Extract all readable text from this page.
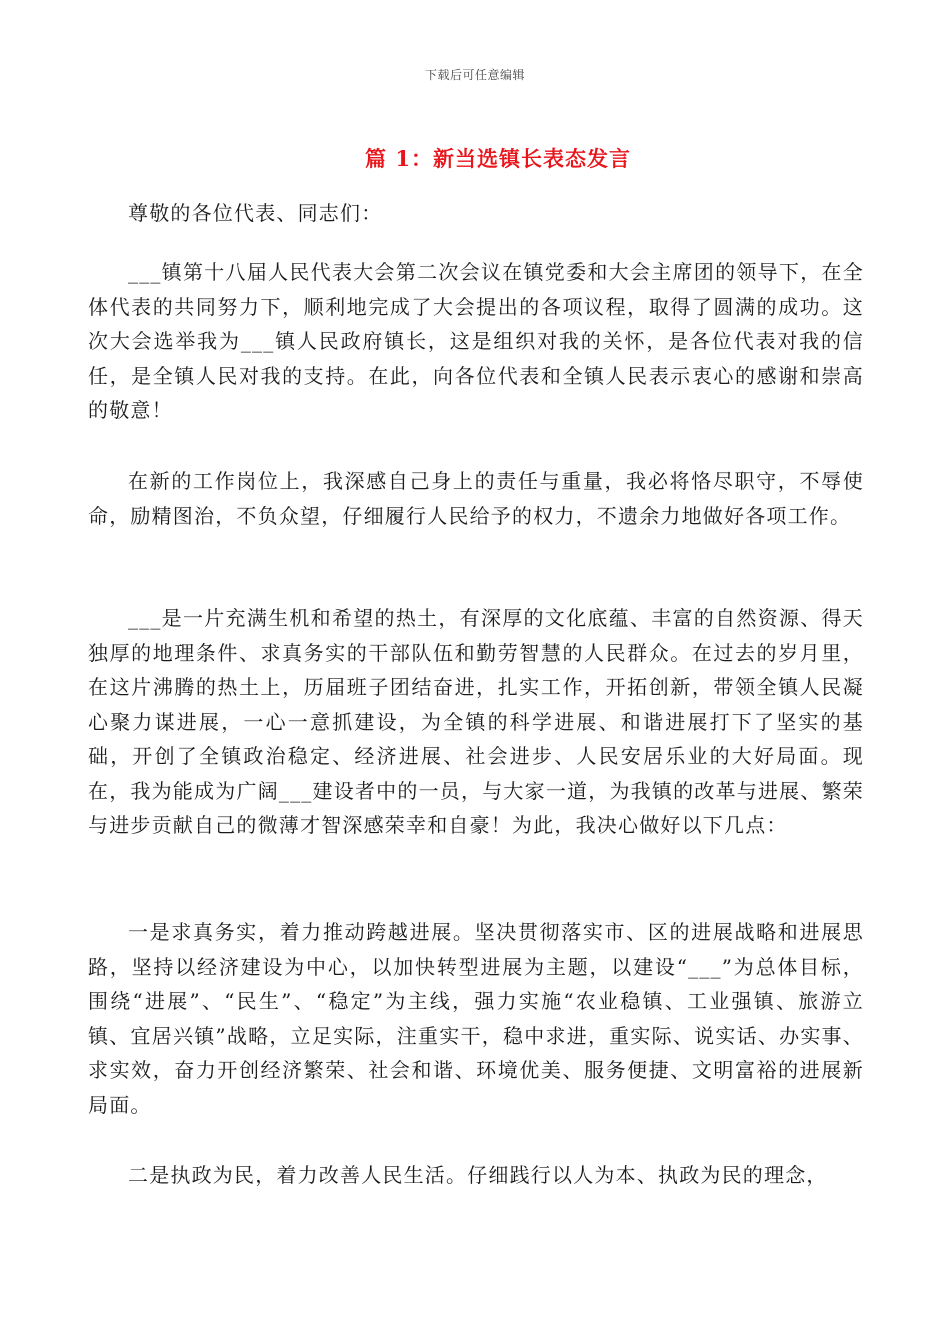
下载后可任意编辑
篇 1：新当选镇长表态发言

尊敬的各位代表、同志们：

___镇第十八届人民代表大会第二次会议在镇党委和大会主席团的领导下，在全体代表的共同努力下，顺利地完成了大会提出的各项议程，取得了圆满的成功。这次大会选举我为___镇人民政府镇长，这是组织对我的关怀，是各位代表对我的信任，是全镇人民对我的支持。在此，向各位代表和全镇人民表示衷心的感谢和崇高的敬意！

在新的工作岗位上，我深感自己身上的责任与重量，我必将恪尽职守，不辱使命，励精图治，不负众望，仔细履行人民给予的权力，不遗余力地做好各项工作。

___是一片充满生机和希望的热土，有深厚的文化底蕴、丰富的自然资源、得天独厚的地理条件、求真务实的干部队伍和勤劳智慧的人民群众。在过去的岁月里，在这片沸腾的热土上，历届班子团结奋进，扎实工作，开拓创新，带领全镇人民凝心聚力谋进展，一心一意抓建设，为全镇的科学进展、和谐进展打下了坚实的基础，开创了全镇政治稳定、经济进展、社会进步、人民安居乐业的大好局面。现在，我为能成为广阔___建设者中的一员，与大家一道，为我镇的改革与进展、繁荣与进步贡献自己的微薄才智深感荣幸和自豪！为此，我决心做好以下几点：

一是求真务实，着力推动跨越进展。坚决贯彻落实市、区的进展战略和进展思路，坚持以经济建设为中心，以加快转型进展为主题，以建设“___”为总体目标，围绕“进展”、“民生”、“稳定”为主线，强力实施“农业稳镇、工业强镇、旅游立镇、宜居兴镇”战略，立足实际，注重实干，稳中求进，重实际、说实话、办实事、求实效，奋力开创经济繁荣、社会和谐、环境优美、服务便捷、文明富裕的进展新局面。

二是执政为民，着力改善人民生活。仔细践行以人为本、执政为民的理念，
